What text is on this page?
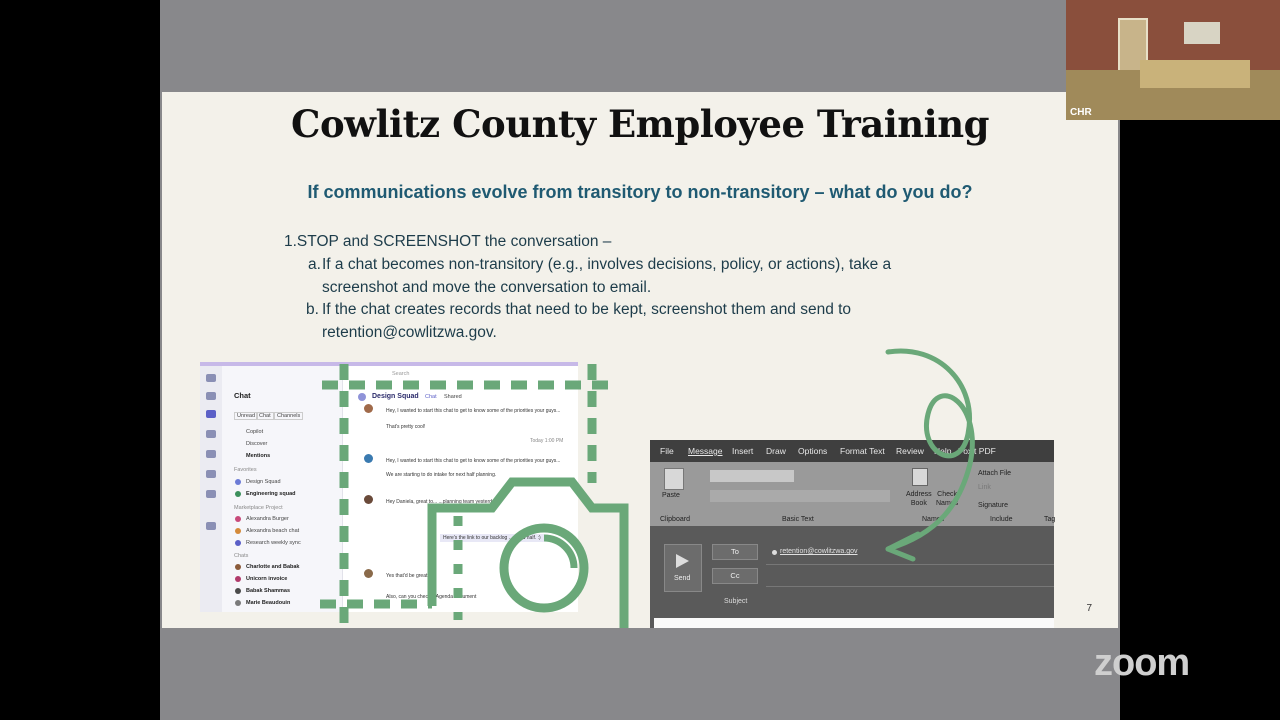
Cowlitz County Employee Training
If communications evolve from transitory to non-transitory – what do you do?
1.STOP and SCREENSHOT the conversation –
a. If a chat becomes non-transitory (e.g., involves decisions, policy, or actions), take a
screenshot and move the conversation to email.
b. If the chat creates records that need to be kept, screenshot them and send to
retention@cowlitzwa.gov.
Chat
Unread Chat	Channels
Copilot
Discover
Mentions
Favorites
Design Squad
Engineering squad
Marketplace Project
Alexandra Burger
Alexandra beach chat
Research weekly sync
Chats
Charlotte and Babak
Unicorn invoice
Babak Shammas
Marie Beaudouin
Search
Design Squad Chat Shared
Hey, I wanted to start this chat to get to know some of the priorities your guys...
That's pretty cool!
Today 1:00 PM
Hey, I wanted to start this chat to get to know some of the priorities your guys...
We are starting to do intake for next half planning.
Hey Daniela, great to... ...planning team yesterday.
Here's the link to our backlog ... need half. :)
Yes that'd be great
Also, can you check... Agenda document
File Message Insert Draw Options Format Text Review Help Foxit PDF
Paste
Clipboard	Basic Text
Address
Book
Check
Names
Names
Attach File
Link
Signature
Include	Tag
Send
To
Cc
retention@cowlitzwa.gov
Subject
7
CHR
zoom
